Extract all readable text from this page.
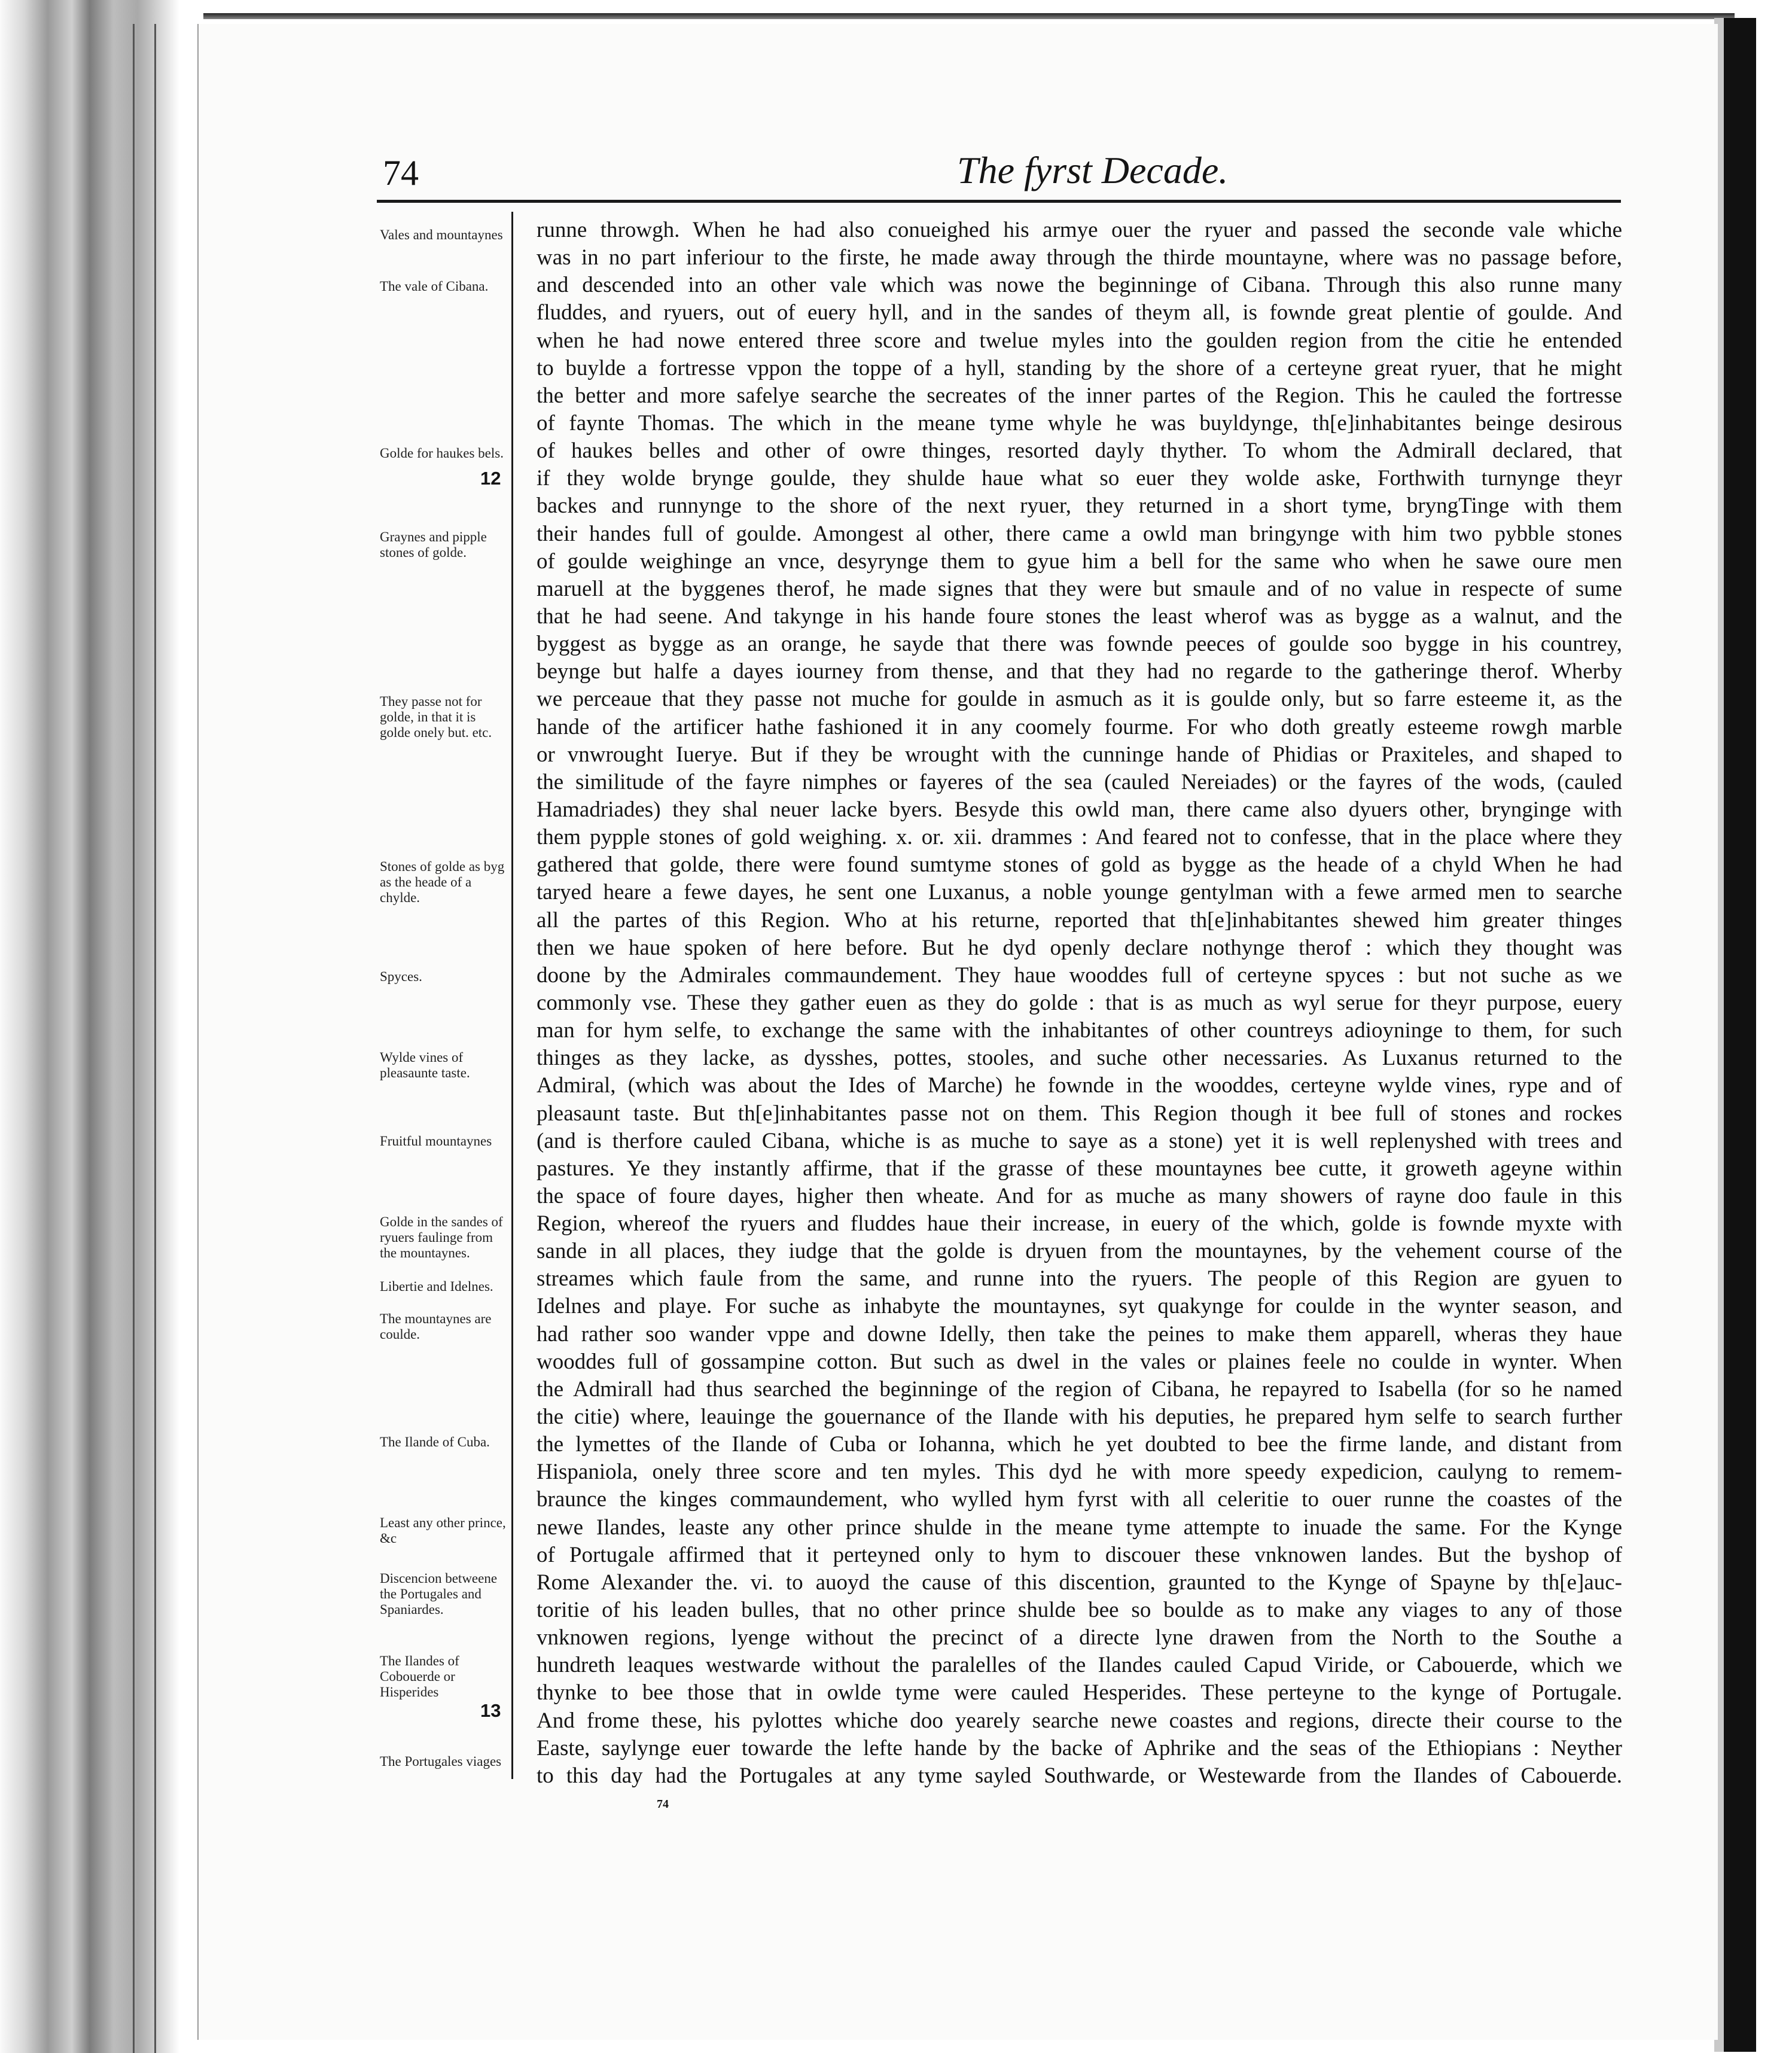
74	The fyrst Decade.
Vales and mountaynes
The vale of Cibana.
Golde for haukes bels.
12
Graynes and pipple stones of golde.
They passe not for golde, in that it is golde onely but. etc.
Stones of golde as byg as the heade of a chylde.
Spyces.
Wylde vines of pleasaunte taste.
Fruitful mountaynes
Golde in the sandes of ryuers faulinge from the mountaynes.
Libertie and Idelnes.
The mountaynes are coulde.
The Ilande of Cuba.
Least any other prince, &c
Discencion betweene the Portugales and Spaniardes.
The Ilandes of Cobouerde or Hisperides
13
The Portugales viages
runne throwgh. When he had also conueighed his armye ouer the ryuer and passed the seconde vale whiche
was in no part inferiour to the firste, he made away through the thirde mountayne, where was no passage before,
and descended into an other vale which was nowe the beginninge of Cibana. Through this also runne many
fluddes, and ryuers, out of euery hyll, and in the sandes of theym all, is fownde great plentie of goulde. And
when he had nowe entered three score and twelue myles into the goulden region from the citie he entended
to buylde a fortresse vppon the toppe of a hyll, standing by the shore of a certeyne great ryuer, that he might
the better and more safelye searche the secreates of the inner partes of the Region. This he cauled the fortresse
of faynte Thomas. The which in the meane tyme whyle he was buyldynge, th[e]inhabitantes beinge desirous
of haukes belles and other of owre thinges, resorted dayly thyther. To whom the Admirall declared, that
if they wolde brynge goulde, they shulde haue what so euer they wolde aske, Forthwith turnynge theyr
backes and runnynge to the shore of the next ryuer, they returned in a short tyme, bryngTinge with them
their handes full of goulde. Amongest al other, there came a owld man bringynge with him two pybble stones
of goulde weighinge an vnce, desyrynge them to gyue him a bell for the same who when he sawe oure men
maruell at the byggenes therof, he made signes that they were but smaule and of no value in respecte of sume
that he had seene. And takynge in his hande foure stones the least wherof was as bygge as a walnut, and the
byggest as bygge as an orange, he sayde that there was fownde peeces of goulde soo bygge in his countrey,
beynge but halfe a dayes iourney from thense, and that they had no regarde to the gatheringe therof. Wherby
we perceaue that they passe not muche for goulde in asmuch as it is goulde only, but so farre esteeme it, as the
hande of the artificer hathe fashioned it in any coomely fourme. For who doth greatly esteeme rowgh marble
or vnwrought Iuerye. But if they be wrought with the cunninge hande of Phidias or Praxiteles, and shaped to
the similitude of the fayre nimphes or fayeres of the sea (cauled Nereiades) or the fayres of the wods, (cauled
Hamadriades) they shal neuer lacke byers. Besyde this owld man, there came also dyuers other, brynginge with
them pypple stones of gold weighing. x. or. xii. drammes : And feared not to confesse, that in the place where they
gathered that golde, there were found sumtyme stones of gold as bygge as the heade of a chyld When he had
taryed heare a fewe dayes, he sent one Luxanus, a noble younge gentylman with a fewe armed men to searche
all the partes of this Region. Who at his returne, reported that th[e]inhabitantes shewed him greater thinges
then we haue spoken of here before. But he dyd openly declare nothynge therof : which they thought was
doone by the Admirales commaundement. They haue wooddes full of certeyne spyces : but not suche as we
commonly vse. These they gather euen as they do golde : that is as much as wyl serue for theyr purpose, euery
man for hym selfe, to exchange the same with the inhabitantes of other countreys adioyninge to them, for such
thinges as they lacke, as dysshes, pottes, stooles, and suche other necessaries. As Luxanus returned to the
Admiral, (which was about the Ides of Marche) he fownde in the wooddes, certeyne wylde vines, rype and of
pleasaunt taste. But th[e]inhabitantes passe not on them. This Region though it bee full of stones and rockes
(and is therfore cauled Cibana, whiche is as muche to saye as a stone) yet it is well replenyshed with trees and
pastures. Ye they instantly affirme, that if the grasse of these mountaynes bee cutte, it groweth ageyne within
the space of foure dayes, higher then wheate. And for as muche as many showers of rayne doo faule in this
Region, whereof the ryuers and fluddes haue their increase, in euery of the which, golde is fownde myxte with
sande in all places, they iudge that the golde is dryuen from the mountaynes, by the vehement course of the
streames which faule from the same, and runne into the ryuers. The people of this Region are gyuen to
Idelnes and playe. For suche as inhabyte the mountaynes, syt quakynge for coulde in the wynter season, and
had rather soo wander vppe and downe Idelly, then take the peines to make them apparell, wheras they haue
wooddes full of gossampine cotton. But such as dwel in the vales or plaines feele no coulde in wynter. When
the Admirall had thus searched the beginninge of the region of Cibana, he repayred to Isabella (for so he named
the citie) where, leauinge the gouernance of the Ilande with his deputies, he prepared hym selfe to search further
the lymettes of the Ilande of Cuba or Iohanna, which he yet doubted to bee the firme lande, and distant from
Hispaniola, onely three score and ten myles. This dyd he with more speedy expedicion, caulyng to remem-
braunce the kinges commaundement, who wylled hym fyrst with all celeritie to ouer runne the coastes of the
newe Ilandes, leaste any other prince shulde in the meane tyme attempte to inuade the same. For the Kynge
of Portugale affirmed that it perteyned only to hym to discouer these vnknowen landes. But the byshop of
Rome Alexander the. vi. to auoyd the cause of this discention, graunted to the Kynge of Spayne by th[e]auc-
toritie of his leaden bulles, that no other prince shulde bee so boulde as to make any viages to any of those
vnknowen regions, lyenge without the precinct of a directe lyne drawen from the North to the Southe a
hundreth leaques westwarde without the paralelles of the Ilandes cauled Capud Viride, or Cabouerde, which we
thynke to bee those that in owlde tyme were cauled Hesperides. These perteyne to the kynge of Portugale.
And frome these, his pylottes whiche doo yearely searche newe coastes and regions, directe their course to the
Easte, saylynge euer towarde the lefte hande by the backe of Aphrike and the seas of the Ethiopians : Neyther
to this day had the Portugales at any tyme sayled Southwarde, or Westewarde from the Ilandes of Cabouerde.
74
